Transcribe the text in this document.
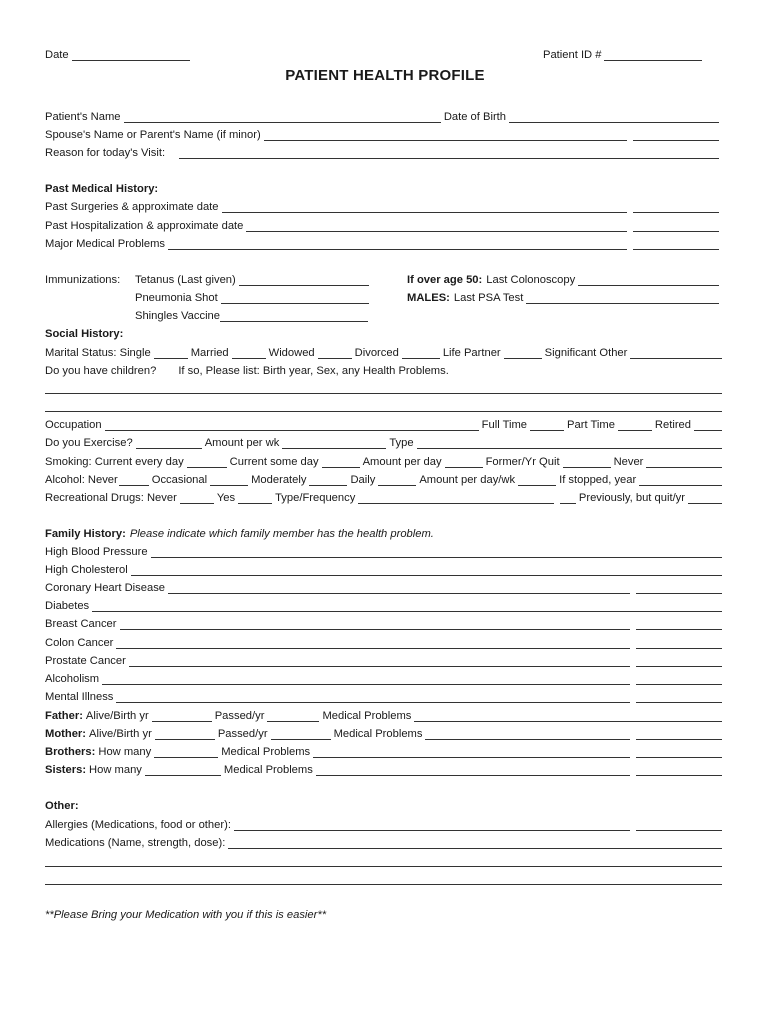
Date	Patient ID #
PATIENT HEALTH PROFILE
Patient's Name	Date of Birth
Spouse's Name or Parent's Name (if minor)
Reason for today's Visit:
Past Medical History:
Past Surgeries & approximate date
Past Hospitalization & approximate date
Major Medical Problems
Immunizations: Tetanus (Last given)
Pneumonia Shot
Shingles Vaccine
If over age 50: Last Colonoscopy
MALES: Last PSA Test
Social History:
Marital Status: Single	Married	Widowed	Divorced	Life Partner	Significant Other
Do you have children? If so, Please list: Birth year, Sex, any Health Problems.
Occupation	Full Time	Part Time	Retired
Do you Exercise?	Amount per wk	Type
Smoking: Current every day	Current some day	Amount per day	Former/Yr Quit	Never
Alcohol: Never	Occasional	Moderately	Daily	Amount per day/wk	If stopped, year
Recreational Drugs: Never	Yes	Type/Frequency	Previously, but quit/yr
Family History: Please indicate which family member has the health problem.
High Blood Pressure
High Cholesterol
Coronary Heart Disease
Diabetes
Breast Cancer
Colon Cancer
Prostate Cancer
Alcoholism
Mental Illness
Father: Alive/Birth yr	Passed/yr	Medical Problems
Mother: Alive/Birth yr	Passed/yr	Medical Problems
Brothers: How many	Medical Problems
Sisters: How many	Medical Problems
Other:
Allergies (Medications, food or other):
Medications (Name, strength, dose):
**Please Bring your Medication with you if this is easier**
